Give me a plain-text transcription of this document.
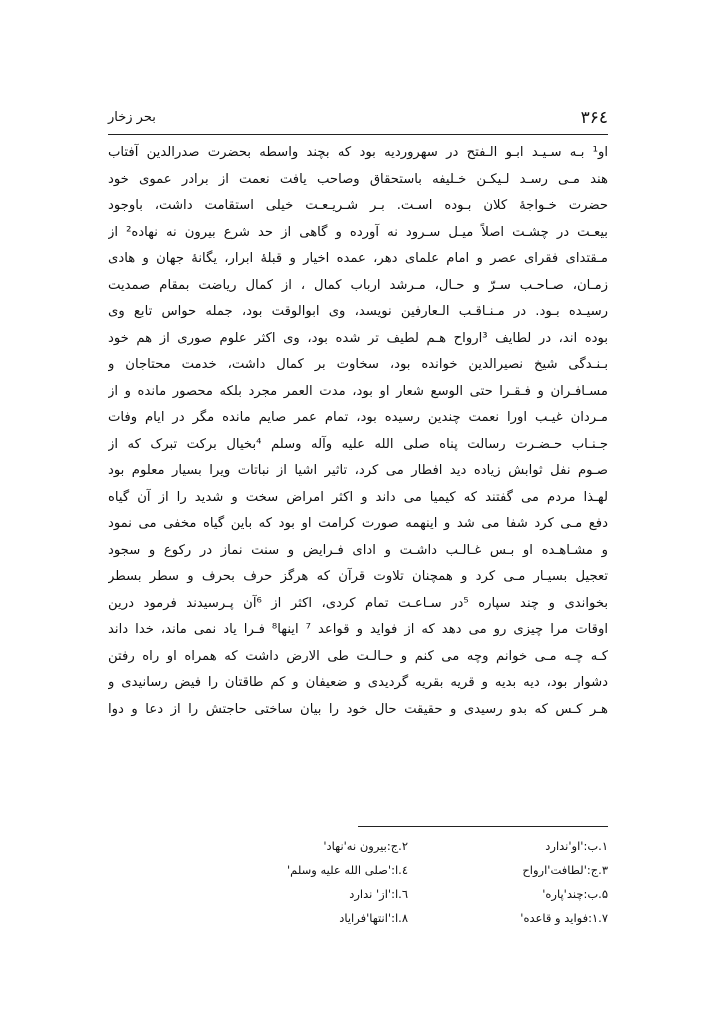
۳۶٤
بحر زخار
او¹ بـه سـیـد ابـو الـفتح در سهروردیه بود که بچند واسطه بحضرت صدرالدین آفتاب
هند مـی رسـد لـیکـن خـلیفه باستحقاق وصاحب یافت نعمت از برادر عموی خود
حضرت خـواجهٔ کلان بـوده اسـت. بـر شـریـعـت خیلی استقامت داشت، باوجود
بیعـت در چشـت اصلاً میـل سـرود نه آورده و گاهی از حد شرع بیرون نه نهاده² از
مـقتدای فقرای عصر و امام علمای دهر، عمده اخیار و قبلهٔ ابرار، یگانهٔ جهان و هادی
زمـان، صـاحـب سـرّ و حـال، مـرشد ارباب کمال ، از کمال ریاضت بمقام صمدیت
رسیـده بـود. در مـنـاقـب الـعارفین نویسد، وی ابوالوقت بود، جمله حواس تابع وی
بوده اند، در لطایف ³ارواح هـم لطیف تر شده بود، وی اکثر علوم صوری از هم خود
بـنـدگی شیخ نصیرالدین خوانده بود، سخاوت بر کمال داشت، خدمت محتاجان و
مسـافـران و فـقـرا حتی الوسع شعار او بود، مدت العمر مجرد بلکه محصور مانده و از
مـردان غیـب اورا نعمت چندین رسیده بود، تمام عمر صایم مانده مگر در ایام وفات
جـنـاب حـضـرت رسالت پناه صلی الله علیه وآله وسلم ⁴بخیال برکت تبرک که از
صـوم نفل ثوابش زیاده دید افطار می کرد، تاثیر اشیا از نباتات ویرا بسیار معلوم بود
لهـذا مردم می گفتند که کیمیا می داند و اکثر امراض سخت و شدید را از آن گیاه
دفع مـی کرد شفا می شد و اینهمه صورت کرامت او بود که باین گیاه مخفی می نمود
و مشـاهـده او بـس غـالـب داشـت و ادای فـرایض و سنت نماز در رکوع و سجود
تعجیل بسیـار مـی کرد و همچنان تلاوت قرآن که هرگز حرف بحرف و سطر بسطر
بخواندی و چند سپاره ⁵در سـاعـت تمام کردی، اکثر از ⁶آن پـرسیدند فرمود درین
اوقات مرا چیزی رو می دهد که از فواید و قواعد ⁷ اینها⁸ فـرا یاد نمی ماند، خدا داند
کـه چـه مـی خوانم وچه می کنم و حـالـت طی الارض داشت که همراه او راه رفتن
دشوار بود، دیه بدیه و قریه بقریه گردیدی و ضعیفان و کم طاقتان را فیض رسانیدی و
هـر کـس که بدو رسیدی و حقیقت حال خود را بیان ساختی حاجتش را از دعا و دوا
۱.ب:'او'ندارد
۲.ج:بیرون نه'نهاد'
۳.ج:'لطافت'ارواح
٤.ا:'صلی الله علیه وسلم'
۵.ب:چند'پاره'
٦.ا:'از' ندارد
۱.۷:فواید و قاعده'
۸.ا:'انتها'فرایاد
